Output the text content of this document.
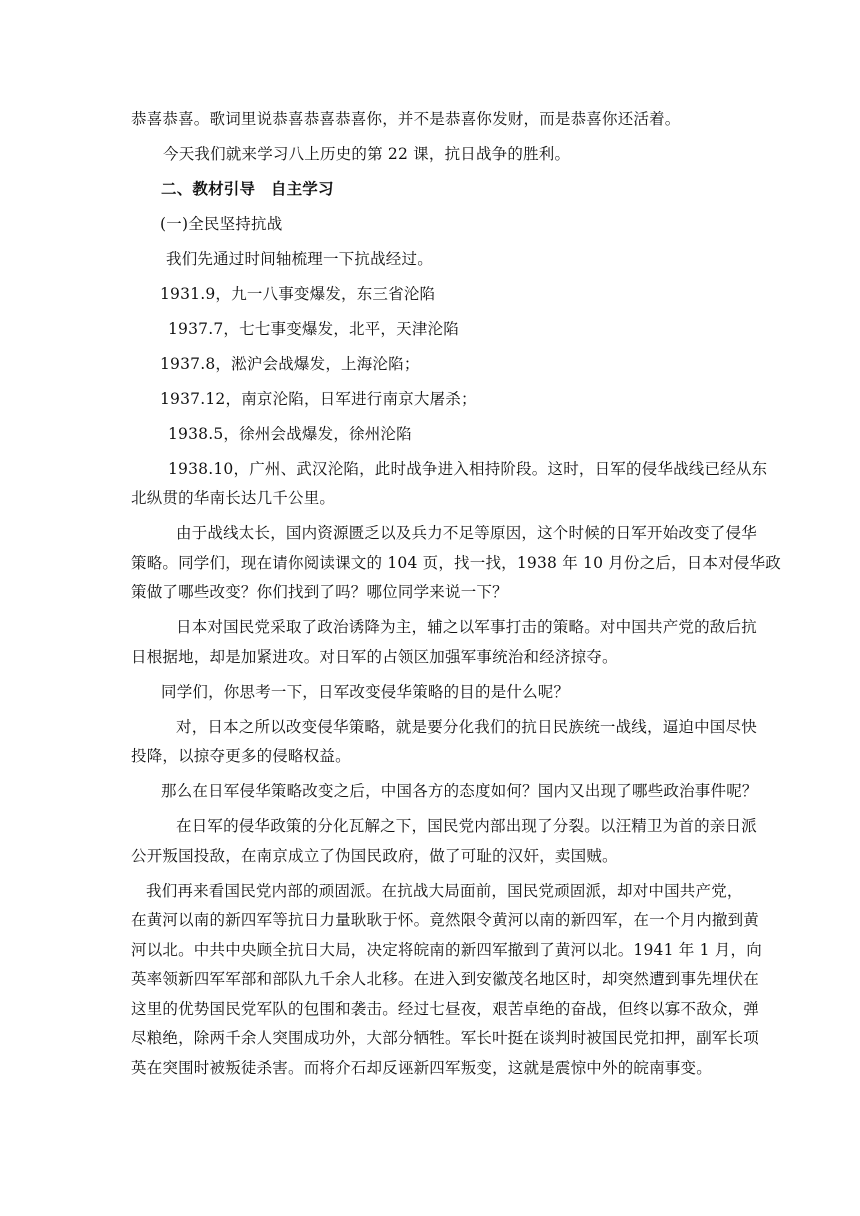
恭喜恭喜。歌词里说恭喜恭喜恭喜你，并不是恭喜你发财，而是恭喜你还活着。
今天我们就来学习八上历史的第 22 课，抗日战争的胜利。
二、教材引导　自主学习
(一)全民坚持抗战
我们先通过时间轴梳理一下抗战经过。
1931.9，九一八事变爆发，东三省沦陷
1937.7，七七事变爆发，北平，天津沦陷
1937.8，淞沪会战爆发，上海沦陷；
1937.12，南京沦陷，日军进行南京大屠杀；
1938.5，徐州会战爆发，徐州沦陷
1938.10，广州、武汉沦陷，此时战争进入相持阶段。这时，日军的侵华战线已经从东
北纵贯的华南长达几千公里。
由于战线太长，国内资源匮乏以及兵力不足等原因，这个时候的日军开始改变了侵华
策略。同学们，现在请你阅读课文的 104 页，找一找，1938 年 10 月份之后，日本对侵华政
策做了哪些改变？你们找到了吗？哪位同学来说一下？
日本对国民党采取了政治诱降为主，辅之以军事打击的策略。对中国共产党的敌后抗
日根据地，却是加紧进攻。对日军的占领区加强军事统治和经济掠夺。
同学们，你思考一下，日军改变侵华策略的目的是什么呢？
对，日本之所以改变侵华策略，就是要分化我们的抗日民族统一战线，逼迫中国尽快
投降，以掠夺更多的侵略权益。
那么在日军侵华策略改变之后，中国各方的态度如何？国内又出现了哪些政治事件呢？
在日军的侵华政策的分化瓦解之下，国民党内部出现了分裂。以汪精卫为首的亲日派
公开叛国投敌，在南京成立了伪国民政府，做了可耻的汉奸，卖国贼。
我们再来看国民党内部的顽固派。在抗战大局面前，国民党顽固派，却对中国共产党，
在黄河以南的新四军等抗日力量耿耿于怀。竟然限令黄河以南的新四军，在一个月内撤到黄
河以北。中共中央顾全抗日大局，决定将皖南的新四军撤到了黄河以北。1941 年 1 月，向
英率领新四军军部和部队九千余人北移。在进入到安徽茂名地区时，却突然遭到事先埋伏在
这里的优势国民党军队的包围和袭击。经过七昼夜，艰苦卓绝的奋战，但终以寡不敌众，弹
尽粮绝，除两千余人突围成功外，大部分牺牲。军长叶挺在谈判时被国民党扣押，副军长项
英在突围时被叛徒杀害。而将介石却反诬新四军叛变，这就是震惊中外的皖南事变。
